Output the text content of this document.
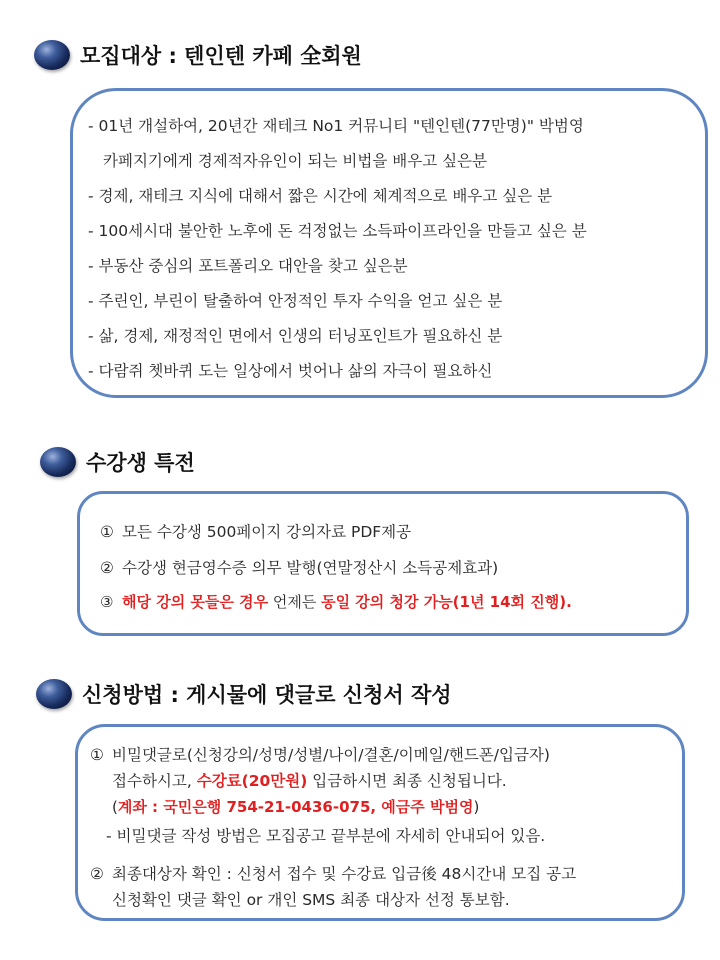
모집대상 : 텐인텐 카페 全회원
- 01년 개설하여, 20년간 재테크 No1 커뮤니티 "텐인텐(77만명)" 박범영
카페지기에게 경제적자유인이 되는 비법을 배우고 싶은분
- 경제, 재테크 지식에 대해서 짧은 시간에 체계적으로 배우고 싶은 분
- 100세시대 불안한 노후에 돈 걱정없는 소득파이프라인을 만들고 싶은 분
- 부동산 중심의 포트폴리오 대안을 찾고 싶은분
- 주린인, 부린이 탈출하여 안정적인 투자 수익을 얻고 싶은 분
- 삶, 경제, 재정적인 면에서 인생의 터닝포인트가 필요하신 분
- 다람쥐 쳇바퀴 도는 일상에서 벗어나 삶의 자극이 필요하신
수강생 특전
① 모든 수강생 500페이지 강의자료 PDF제공
② 수강생 현금영수증 의무 발행(연말정산시 소득공제효과)
③ 해당 강의 못들은 경우 언제든 동일 강의 청강 가능(1년 14회 진행).
신청방법 : 게시물에 댓글로 신청서 작성
① 비밀댓글로(신청강의/성명/성별/나이/결혼/이메일/핸드폰/입금자)
접수하시고, 수강료(20만원) 입금하시면 최종 신청됩니다.
(계좌 : 국민은행 754-21-0436-075, 예금주 박범영)
- 비밀댓글 작성 방법은 모집공고 끝부분에 자세히 안내되어 있음.
② 최종대상자 확인 : 신청서 접수 및 수강료 입금後 48시간내 모집 공고
신청확인 댓글 확인 or 개인 SMS 최종 대상자 선정 통보함.
